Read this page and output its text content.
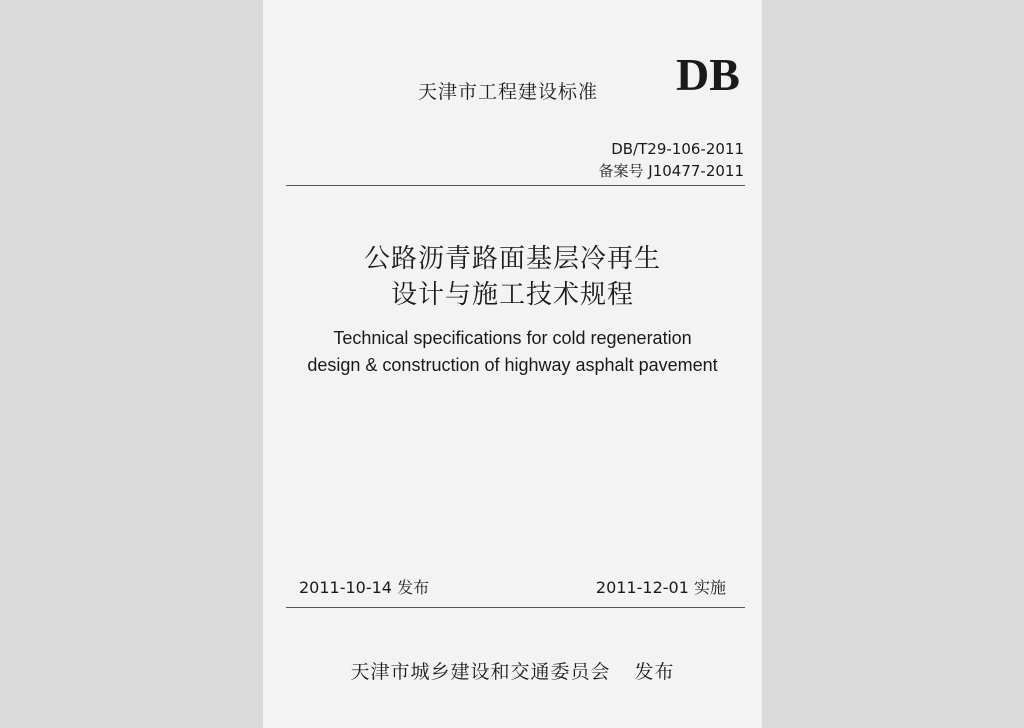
天津市工程建设标准 DB
DB/T29-106-2011
备案号 J10477-2011
公路沥青路面基层冷再生
设计与施工技术规程
Technical specifications for cold regeneration
design & construction of highway asphalt pavement
2011-10-14 发布	2011-12-01 实施
天津市城乡建设和交通委员会 发布
